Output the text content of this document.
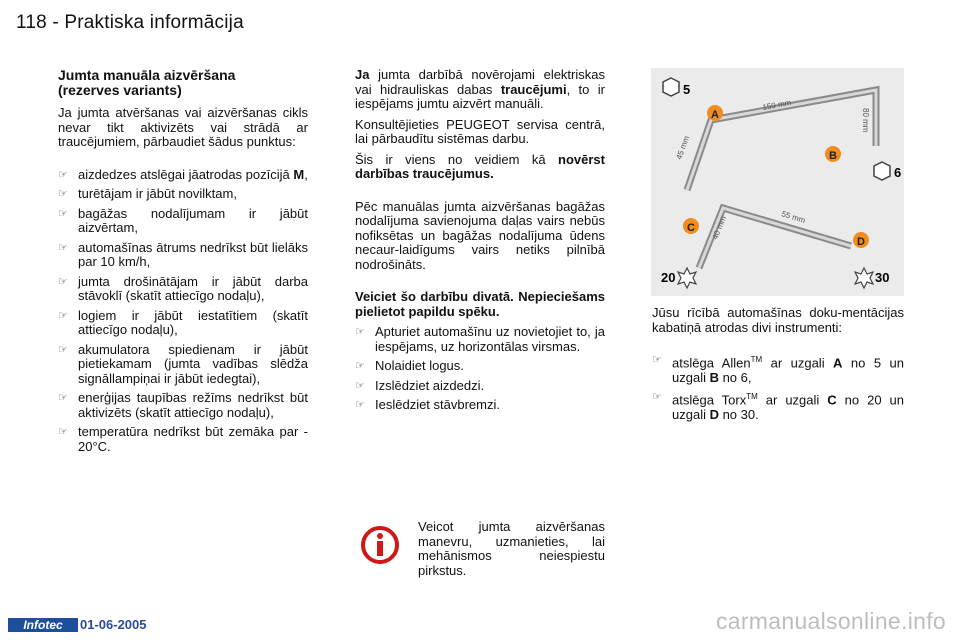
118 - Praktiska informācija
Jumta manuāla aizvēršana
(rezerves variants)

Ja jumta atvēršanas vai aizvēršanas cikls nevar tikt aktivizēts vai strādā ar traucējumiem, pārbaudiet šādus punktus:

☞ aizdedzes atslēgai jāatrodas pozīcijā M,
☞ turētājam ir jābūt novilktam,
☞ bagāžas nodalījumam ir jābūt aizvērtam,
☞ automašīnas ātrums nedrīkst būt lielāks par 10 km/h,
☞ jumta drošinātājam ir jābūt darba stāvoklī (skatīt attiecīgo nodaļu),
☞ logiem ir jābūt iestatītiem (skatīt attiecīgo nodaļu),
☞ akumulatora spiedienam ir jābūt pietiekamam (jumta vadības slēdža signāllampiņai ir jābūt iedegtai),
☞ enerģijas taupības režīms nedrīkst būt aktivizēts (skatīt attiecīgo nodaļu),
☞ temperatūra nedrīkst būt zemāka par - 20°C.

Ja jumta darbībā novērojami elektriskas vai hidrauliskas dabas traucējumi, to ir iespējams jumtu aizvērt manuāli.

Konsultējieties PEUGEOT servisa centrā, lai pārbaudītu sistēmas darbu.

Šis ir viens no veidiem kā novērst darbības traucējumus.

Pēc manuālas jumta aizvēršanas bagāžas nodalījuma savienojuma daļas vairs nebūs nofiksētas un bagāžas nodalījuma ūdens necaur-laidīgums vairs netiks pilnībā nodrošināts.

Veiciet šo darbību divatā. Nepieciešams pielietot papildu spēku.

☞ Apturiet automašīnu uz novietojiet to, ja iespējams, uz horizontālas virsmas.
☞ Nolaidiet logus.
☞ Izslēdziet aizdedzi.
☞ Ieslēdziet stāvbremzi.
Veicot jumta aizvēršanas manevru, uzmanieties, lai mehānismos neiespiestu pirkstus.
5
6
20	30
A
B
C
D
150 mm
80 mm
45 mm
55 mm
40 mm

Jūsu rīcībā automašīnas doku-mentācijas kabatiņā atrodas divi instrumenti:

☞ atslēga Allen™ ar uzgali A no 5 un uzgali B no 6,
☞ atslēga Torx™ ar uzgali C no 20 un uzgali D no 30.
Infotec	01-06-2005	carmanualsonline.info
